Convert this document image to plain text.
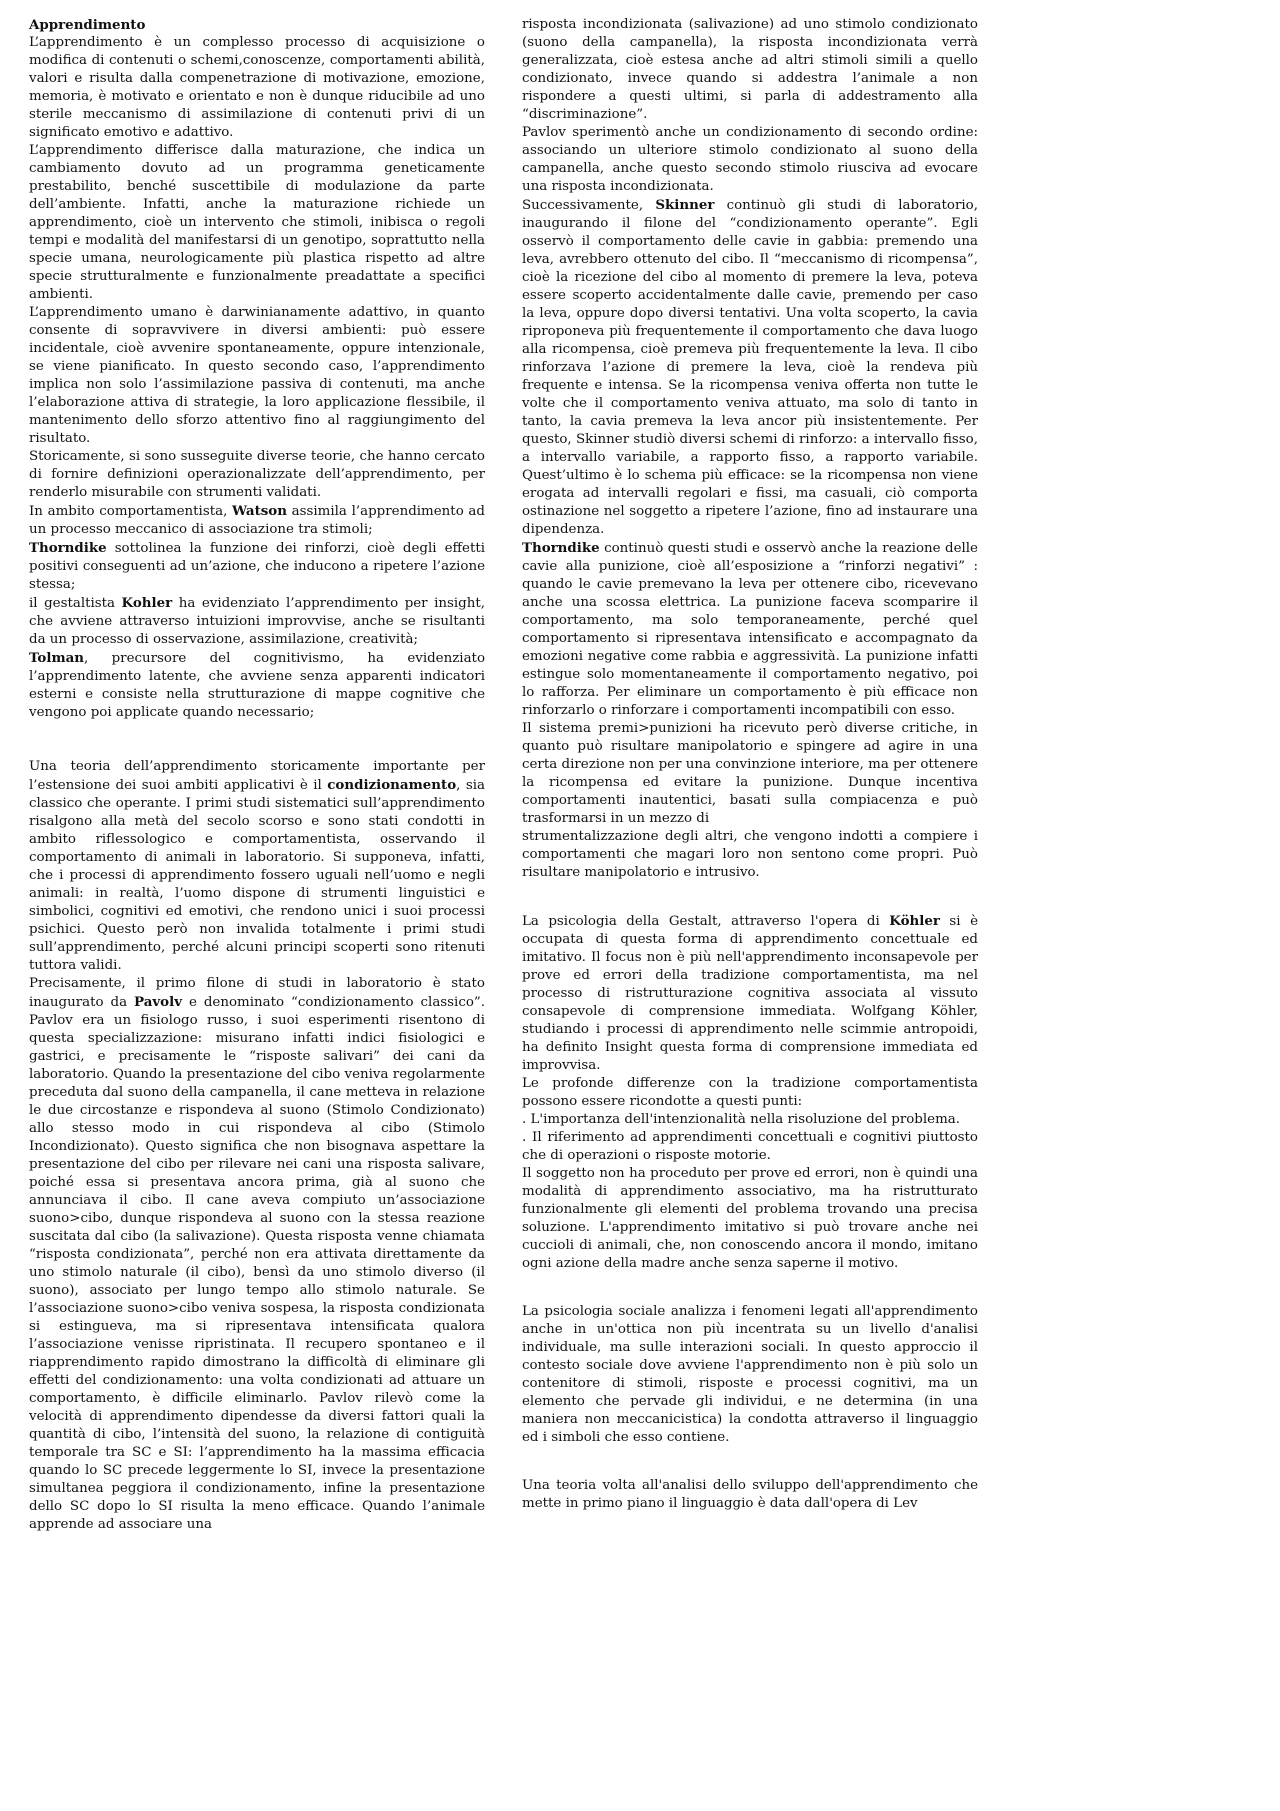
Apprendimento

L’apprendimento è un complesso processo di acquisizione o modifica di contenuti o schemi,conoscenze, comportamenti abilità, valori e risulta dalla compenetrazione di motivazione, emozione, memoria, è motivato e orientato e non è dunque riducibile ad uno sterile meccanismo di assimilazione di contenuti privi di un significato emotivo e adattivo.

L’apprendimento differisce dalla maturazione, che indica un cambiamento dovuto ad un programma geneticamente prestabilito, benché suscettibile di modulazione da parte dell’ambiente. Infatti, anche la maturazione richiede un apprendimento, cioè un intervento che stimoli, inibisca o regoli tempi e modalità del manifestarsi di un genotipo, soprattutto nella specie umana, neurologicamente più plastica rispetto ad altre specie strutturalmente e funzionalmente preadattate a specifici ambienti.

L’apprendimento umano è darwinianamente adattivo, in quanto consente di sopravvivere in diversi ambienti: può essere incidentale, cioè avvenire spontaneamente, oppure intenzionale, se viene pianificato. In questo secondo caso, l’apprendimento implica non solo l’assimilazione passiva di contenuti, ma anche l’elaborazione attiva di strategie, la loro applicazione flessibile, il mantenimento dello sforzo attentivo fino al raggiungimento del risultato.

Storicamente, si sono susseguite diverse teorie, che hanno cercato di fornire definizioni operazionalizzate dell’apprendimento, per renderlo misurabile con strumenti validati.

In ambito comportamentista, Watson assimila l’apprendimento ad un processo meccanico di associazione tra stimoli;

Thorndike sottolinea la funzione dei rinforzi, cioè degli effetti positivi conseguenti ad un’azione, che inducono a ripetere l’azione stessa;

il gestaltista Kohler ha evidenziato l’apprendimento per insight, che avviene attraverso intuizioni improvvise, anche se risultanti da un processo di osservazione, assimilazione, creatività;

Tolman, precursore del cognitivismo, ha evidenziato l’apprendimento latente, che avviene senza apparenti indicatori esterni e consiste nella strutturazione di mappe cognitive che vengono poi applicate quando necessario;

Una teoria dell’apprendimento storicamente importante per l’estensione dei suoi ambiti applicativi è il condizionamento, sia classico che operante. I primi studi sistematici sull’apprendimento risalgono alla metà del secolo scorso e sono stati condotti in ambito riflessologico e comportamentista, osservando il comportamento di animali in laboratorio. Si supponeva, infatti, che i processi di apprendimento fossero uguali nell’uomo e negli animali: in realtà, l’uomo dispone di strumenti linguistici e simbolici, cognitivi ed emotivi, che rendono unici i suoi processi psichici. Questo però non invalida totalmente i primi studi sull’apprendimento, perché alcuni principi scoperti sono ritenuti tuttora validi.

Precisamente, il primo filone di studi in laboratorio è stato inaugurato da Pavolv e denominato “condizionamento classico”. Pavlov era un fisiologo russo, i suoi esperimenti risentono di questa specializzazione: misurano infatti indici fisiologici e gastrici, e precisamente le “risposte salivari” dei cani da laboratorio. Quando la presentazione del cibo veniva regolarmente preceduta dal suono della campanella, il cane metteva in relazione le due circostanze e rispondeva al suono (Stimolo Condizionato) allo stesso modo in cui rispondeva al cibo (Stimolo Incondizionato). Questo significa che non bisognava aspettare la presentazione del cibo per rilevare nei cani una risposta salivare, poiché essa si presentava ancora prima, già al suono che annunciava il cibo. Il cane aveva compiuto un’associazione suono>cibo, dunque rispondeva al suono con la stessa reazione suscitata dal cibo (la salivazione). Questa risposta venne chiamata “risposta condizionata”, perché non era attivata direttamente da uno stimolo naturale (il cibo), bensì da uno stimolo diverso (il suono), associato per lungo tempo allo stimolo naturale. Se l’associazione suono>cibo veniva sospesa, la risposta condizionata si estingueva, ma si ripresentava intensificata qualora l’associazione venisse ripristinata. Il recupero spontaneo e il riapprendimento rapido dimostrano la difficoltà di eliminare gli effetti del condizionamento: una volta condizionati ad attuare un comportamento, è difficile eliminarlo. Pavlov rilevò come la velocità di apprendimento dipendesse da diversi fattori quali la quantità di cibo, l’intensità del suono, la relazione di contiguità temporale tra SC e SI: l’apprendimento ha la massima efficacia quando lo SC precede leggermente lo SI, invece la presentazione simultanea peggiora il condizionamento, infine la presentazione dello SC dopo lo SI risulta la meno efficace. Quando l’animale apprende ad associare una

risposta incondizionata (salivazione) ad uno stimolo condizionato (suono della campanella), la risposta incondizionata verrà generalizzata, cioè estesa anche ad altri stimoli simili a quello condizionato, invece quando si addestra l’animale a non rispondere a questi ultimi, si parla di addestramento alla “discriminazione”.

Pavlov sperimentò anche un condizionamento di secondo ordine: associando un ulteriore stimolo condizionato al suono della campanella, anche questo secondo stimolo riusciva ad evocare una risposta incondizionata.

Successivamente, Skinner continuò gli studi di laboratorio, inaugurando il filone del “condizionamento operante”. Egli osservò il comportamento delle cavie in gabbia: premendo una leva, avrebbero ottenuto del cibo. Il “meccanismo di ricompensa”, cioè la ricezione del cibo al momento di premere la leva, poteva essere scoperto accidentalmente dalle cavie, premendo per caso la leva, oppure dopo diversi tentativi. Una volta scoperto, la cavia riproponeva più frequentemente il comportamento che dava luogo alla ricompensa, cioè premeva più frequentemente la leva. Il cibo rinforzava l’azione di premere la leva, cioè la rendeva più frequente e intensa. Se la ricompensa veniva offerta non tutte le volte che il comportamento veniva attuato, ma solo di tanto in tanto, la cavia premeva la leva ancor più insistentemente. Per questo, Skinner studiò diversi schemi di rinforzo: a intervallo fisso, a intervallo variabile, a rapporto fisso, a rapporto variabile. Quest’ultimo è lo schema più efficace: se la ricompensa non viene erogata ad intervalli regolari e fissi, ma casuali, ciò comporta ostinazione nel soggetto a ripetere l’azione, fino ad instaurare una dipendenza.

Thorndike continuò questi studi e osservò anche la reazione delle cavie alla punizione, cioè all’esposizione a “rinforzi negativi” : quando le cavie premevano la leva per ottenere cibo, ricevevano anche una scossa elettrica. La punizione faceva scomparire il comportamento, ma solo temporaneamente, perché quel comportamento si ripresentava intensificato e accompagnato da emozioni negative come rabbia e aggressività. La punizione infatti estingue solo momentaneamente il comportamento negativo, poi lo rafforza. Per eliminare un comportamento è più efficace non rinforzarlo o rinforzare i comportamenti incompatibili con esso.

Il sistema premi>punizioni ha ricevuto però diverse critiche, in quanto può risultare manipolatorio e spingere ad agire in una certa direzione non per una convinzione interiore, ma per ottenere la ricompensa ed evitare la punizione. Dunque incentiva comportamenti inautentici, basati sulla compiacenza e può trasformarsi in un mezzo di

strumentalizzazione degli altri, che vengono indotti a compiere i comportamenti che magari loro non sentono come propri. Può risultare manipolatorio e intrusivo.

La psicologia della Gestalt, attraverso l'opera di Köhler si è occupata di questa forma di apprendimento concettuale ed imitativo. Il focus non è più nell'apprendimento inconsapevole per prove ed errori della tradizione comportamentista, ma nel processo di ristrutturazione cognitiva associata al vissuto consapevole di comprensione immediata. Wolfgang Köhler, studiando i processi di apprendimento nelle scimmie antropoidi, ha definito Insight questa forma di comprensione immediata ed improvvisa.

Le profonde differenze con la tradizione comportamentista possono essere ricondotte a questi punti:

. L'importanza dell'intenzionalità nella risoluzione del problema.

. Il riferimento ad apprendimenti concettuali e cognitivi piuttosto che di operazioni o risposte motorie.

Il soggetto non ha proceduto per prove ed errori, non è quindi una modalità di apprendimento associativo, ma ha ristrutturato funzionalmente gli elementi del problema trovando una precisa soluzione. L'apprendimento imitativo si può trovare anche nei cuccioli di animali, che, non conoscendo ancora il mondo, imitano ogni azione della madre anche senza saperne il motivo.

La psicologia sociale analizza i fenomeni legati all'apprendimento anche in un'ottica non più incentrata su un livello d'analisi individuale, ma sulle interazioni sociali. In questo approccio il contesto sociale dove avviene l'apprendimento non è più solo un contenitore di stimoli, risposte e processi cognitivi, ma un elemento che pervade gli individui, e ne determina (in una maniera non meccanicistica) la condotta attraverso il linguaggio ed i simboli che esso contiene.

Una teoria volta all'analisi dello sviluppo dell'apprendimento che mette in primo piano il linguaggio è data dall'opera di Lev
